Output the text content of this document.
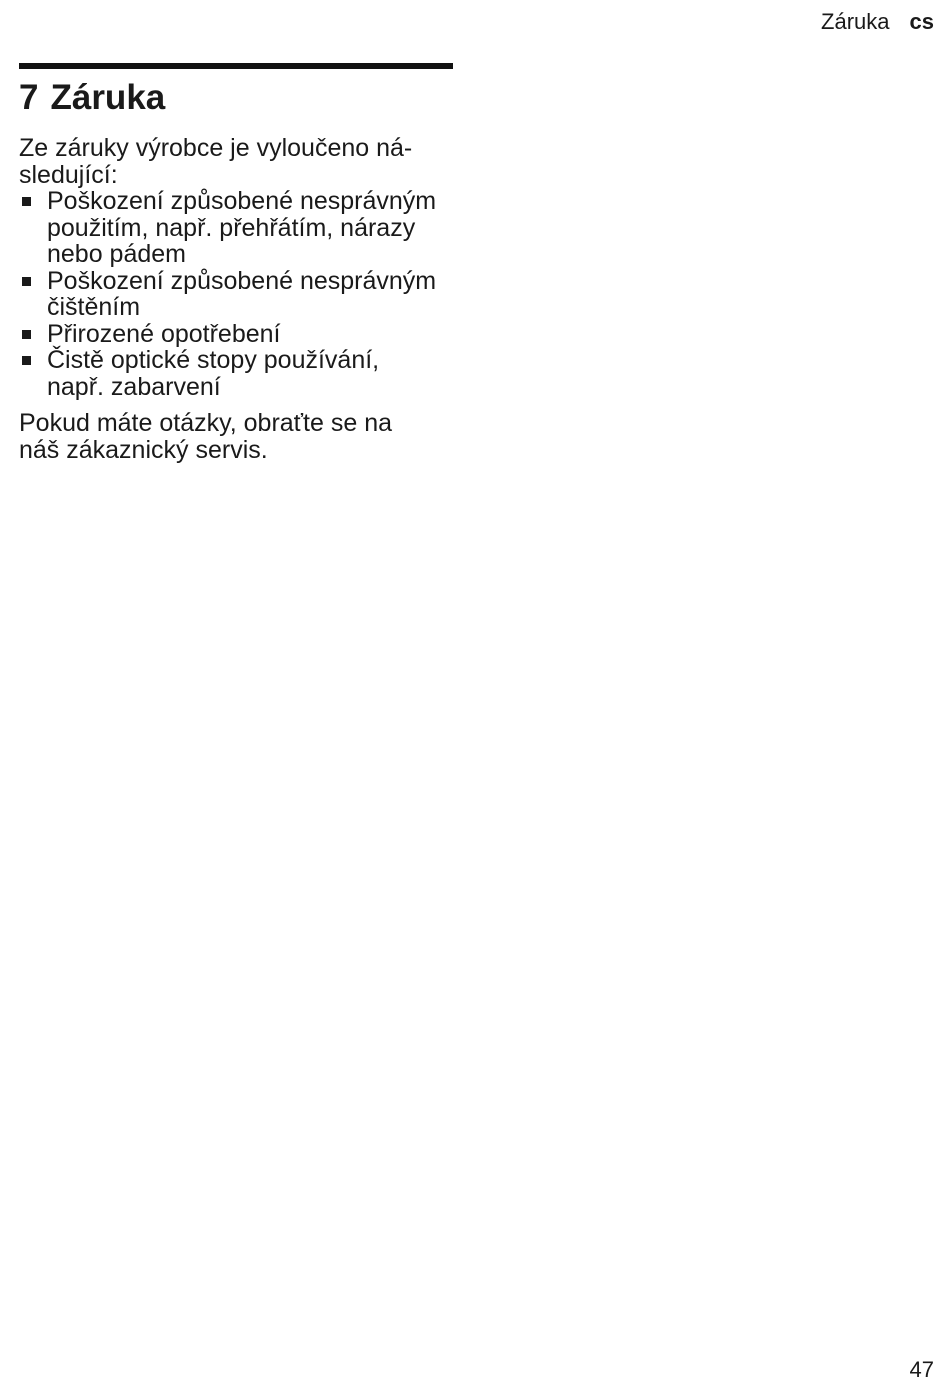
Záruka cs
7 Záruka

Ze záruky výrobce je vyloučeno ná-
sledující:

Poškození způsobené nesprávným
použitím, např. přehřátím, nárazy
nebo pádem
Poškození způsobené nesprávným
čištěním
Přirozené opotřebení
Čistě optické stopy používání,
např. zabarvení

Pokud máte otázky, obraťte se na
náš zákaznický servis.

47
